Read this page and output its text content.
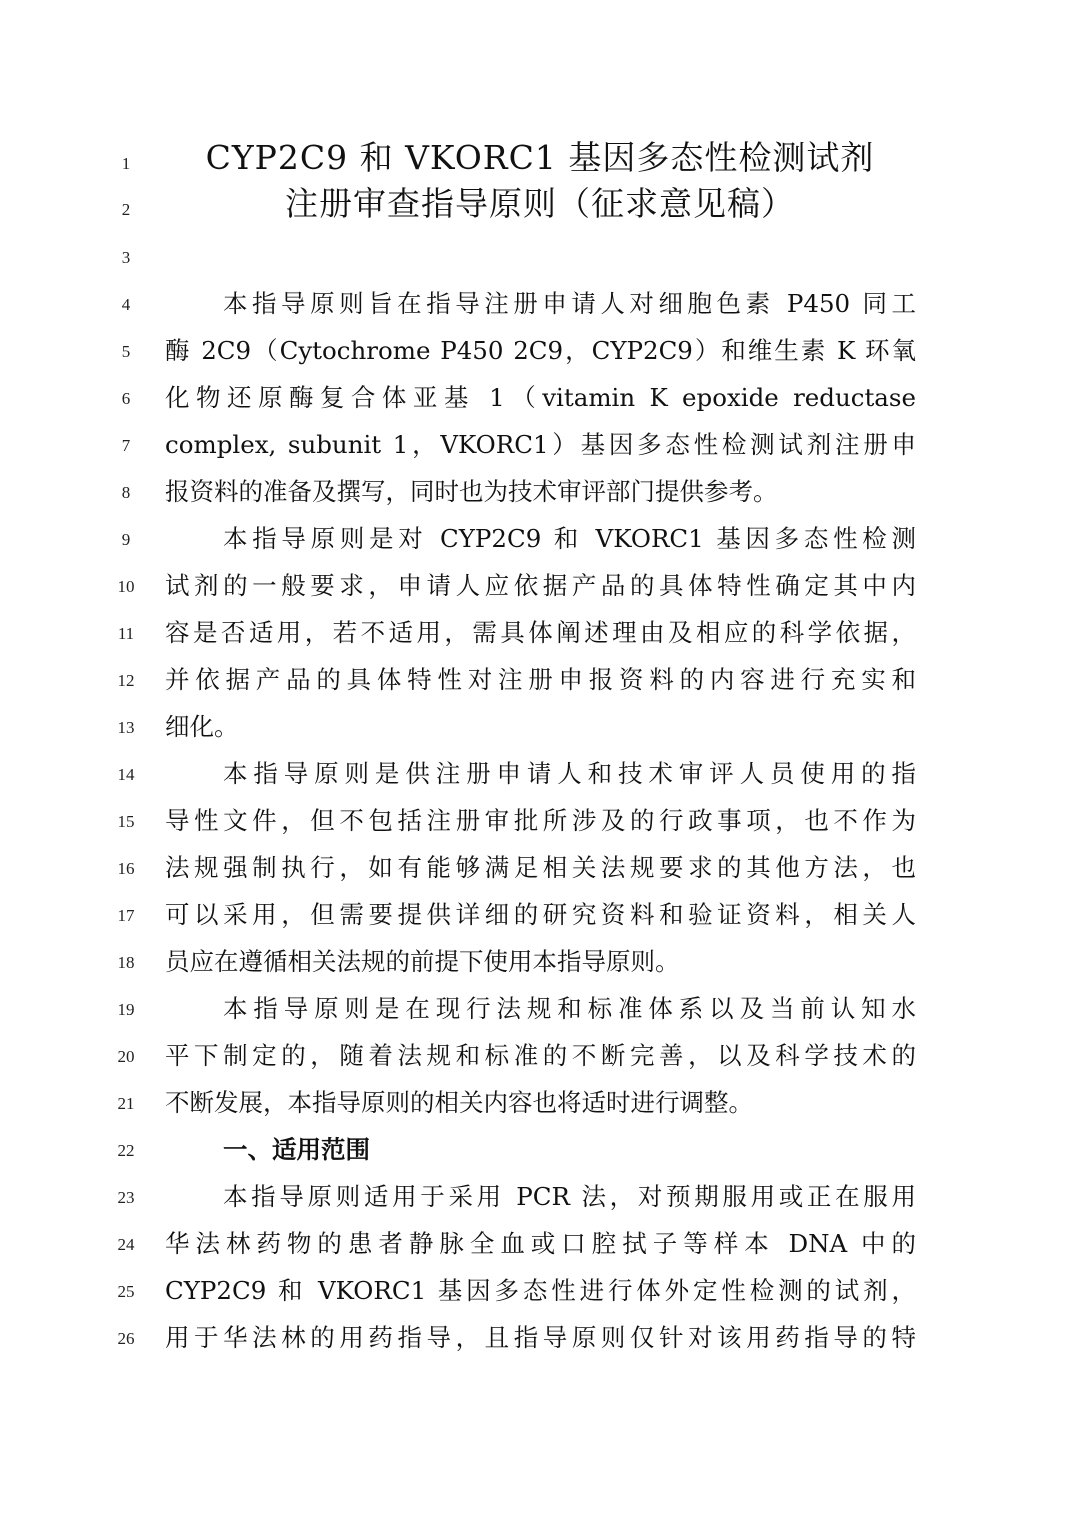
1
2
3
4
5
6
7
8
9
10
11
12
13
14
15
16
17
18
19
20
21
22
23
24
25
26
CYP2C9 和 VKORC1 基因多态性检测试剂
注册审查指导原则（征求意见稿）
本指导原则旨在指导注册申请人对细胞色素 P450 同工
酶 2C9（Cytochrome P450 2C9，CYP2C9）和维生素 K 环氧
化物还原酶复合体亚基 1（vitamin K epoxide reductase
complex, subunit 1，VKORC1）基因多态性检测试剂注册申
报资料的准备及撰写，同时也为技术审评部门提供参考。
本指导原则是对 CYP2C9 和 VKORC1 基因多态性检测
试剂的一般要求，申请人应依据产品的具体特性确定其中内
容是否适用，若不适用，需具体阐述理由及相应的科学依据，
并依据产品的具体特性对注册申报资料的内容进行充实和
细化。
本指导原则是供注册申请人和技术审评人员使用的指
导性文件，但不包括注册审批所涉及的行政事项，也不作为
法规强制执行，如有能够满足相关法规要求的其他方法，也
可以采用，但需要提供详细的研究资料和验证资料，相关人
员应在遵循相关法规的前提下使用本指导原则。
本指导原则是在现行法规和标准体系以及当前认知水
平下制定的，随着法规和标准的不断完善，以及科学技术的
不断发展，本指导原则的相关内容也将适时进行调整。
一、适用范围
本指导原则适用于采用 PCR 法，对预期服用或正在服用
华法林药物的患者静脉全血或口腔拭子等样本 DNA 中的
CYP2C9 和 VKORC1 基因多态性进行体外定性检测的试剂，
用于华法林的用药指导，且指导原则仅针对该用药指导的特
